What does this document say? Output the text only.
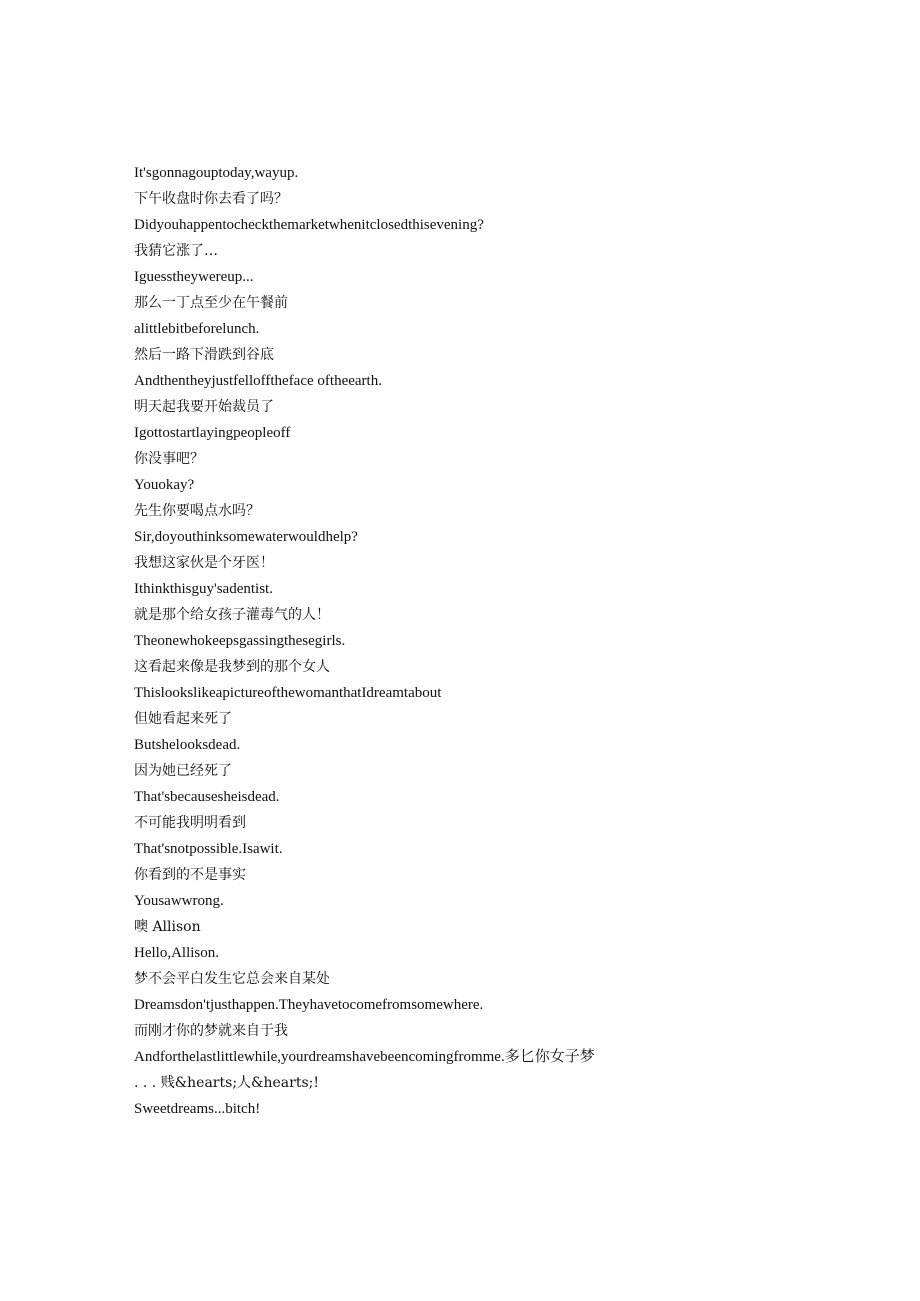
It'sgonnagouptoday,wayup.
下午收盘时你去看了吗？
Didyouhappentocheckthemarketwhenitclosedthisevening?
我猜它涨了…
Iguesstheywereup...
那么一丁点至少在午餐前
alittlebitbeforelunch.
然后一路下滑跌到谷底
Andthentheyjustfellofftheface oftheearth.
明天起我要开始裁员了
Igottostartlayingpeopleoff
你没事吧？
Youokay?
先生你要喝点水吗？
Sir,doyouthinksomewaterwouldhelp?
我想这家伙是个牙医！
Ithinkthisguy'sadentist.
就是那个给女孩子灌毒气的人！
Theonewhokeepsgassingthesegirls.
这看起来像是我梦到的那个女人
ThislookslikeapictureofthewomanthatIdreamtabout
但她看起来死了
Butshelooksdead.
因为她已经死了
That'sbecausesheisdead.
不可能我明明看到
That'snotpossible.Isawit.
你看到的不是事实
Yousawwrong.
噢 Allison
Hello,Allison.
梦不会平白发生它总会来自某处
Dreamsdon'tjusthappen.Theyhavetocomefromsomewhere.
而刚才你的梦就来自于我
Andforthelastlittlewhile,yourdreamshavebeencomingfromme.多匕你女子梦
. . . 贱&hearts;人&hearts;!
Sweetdreams...bitch!
